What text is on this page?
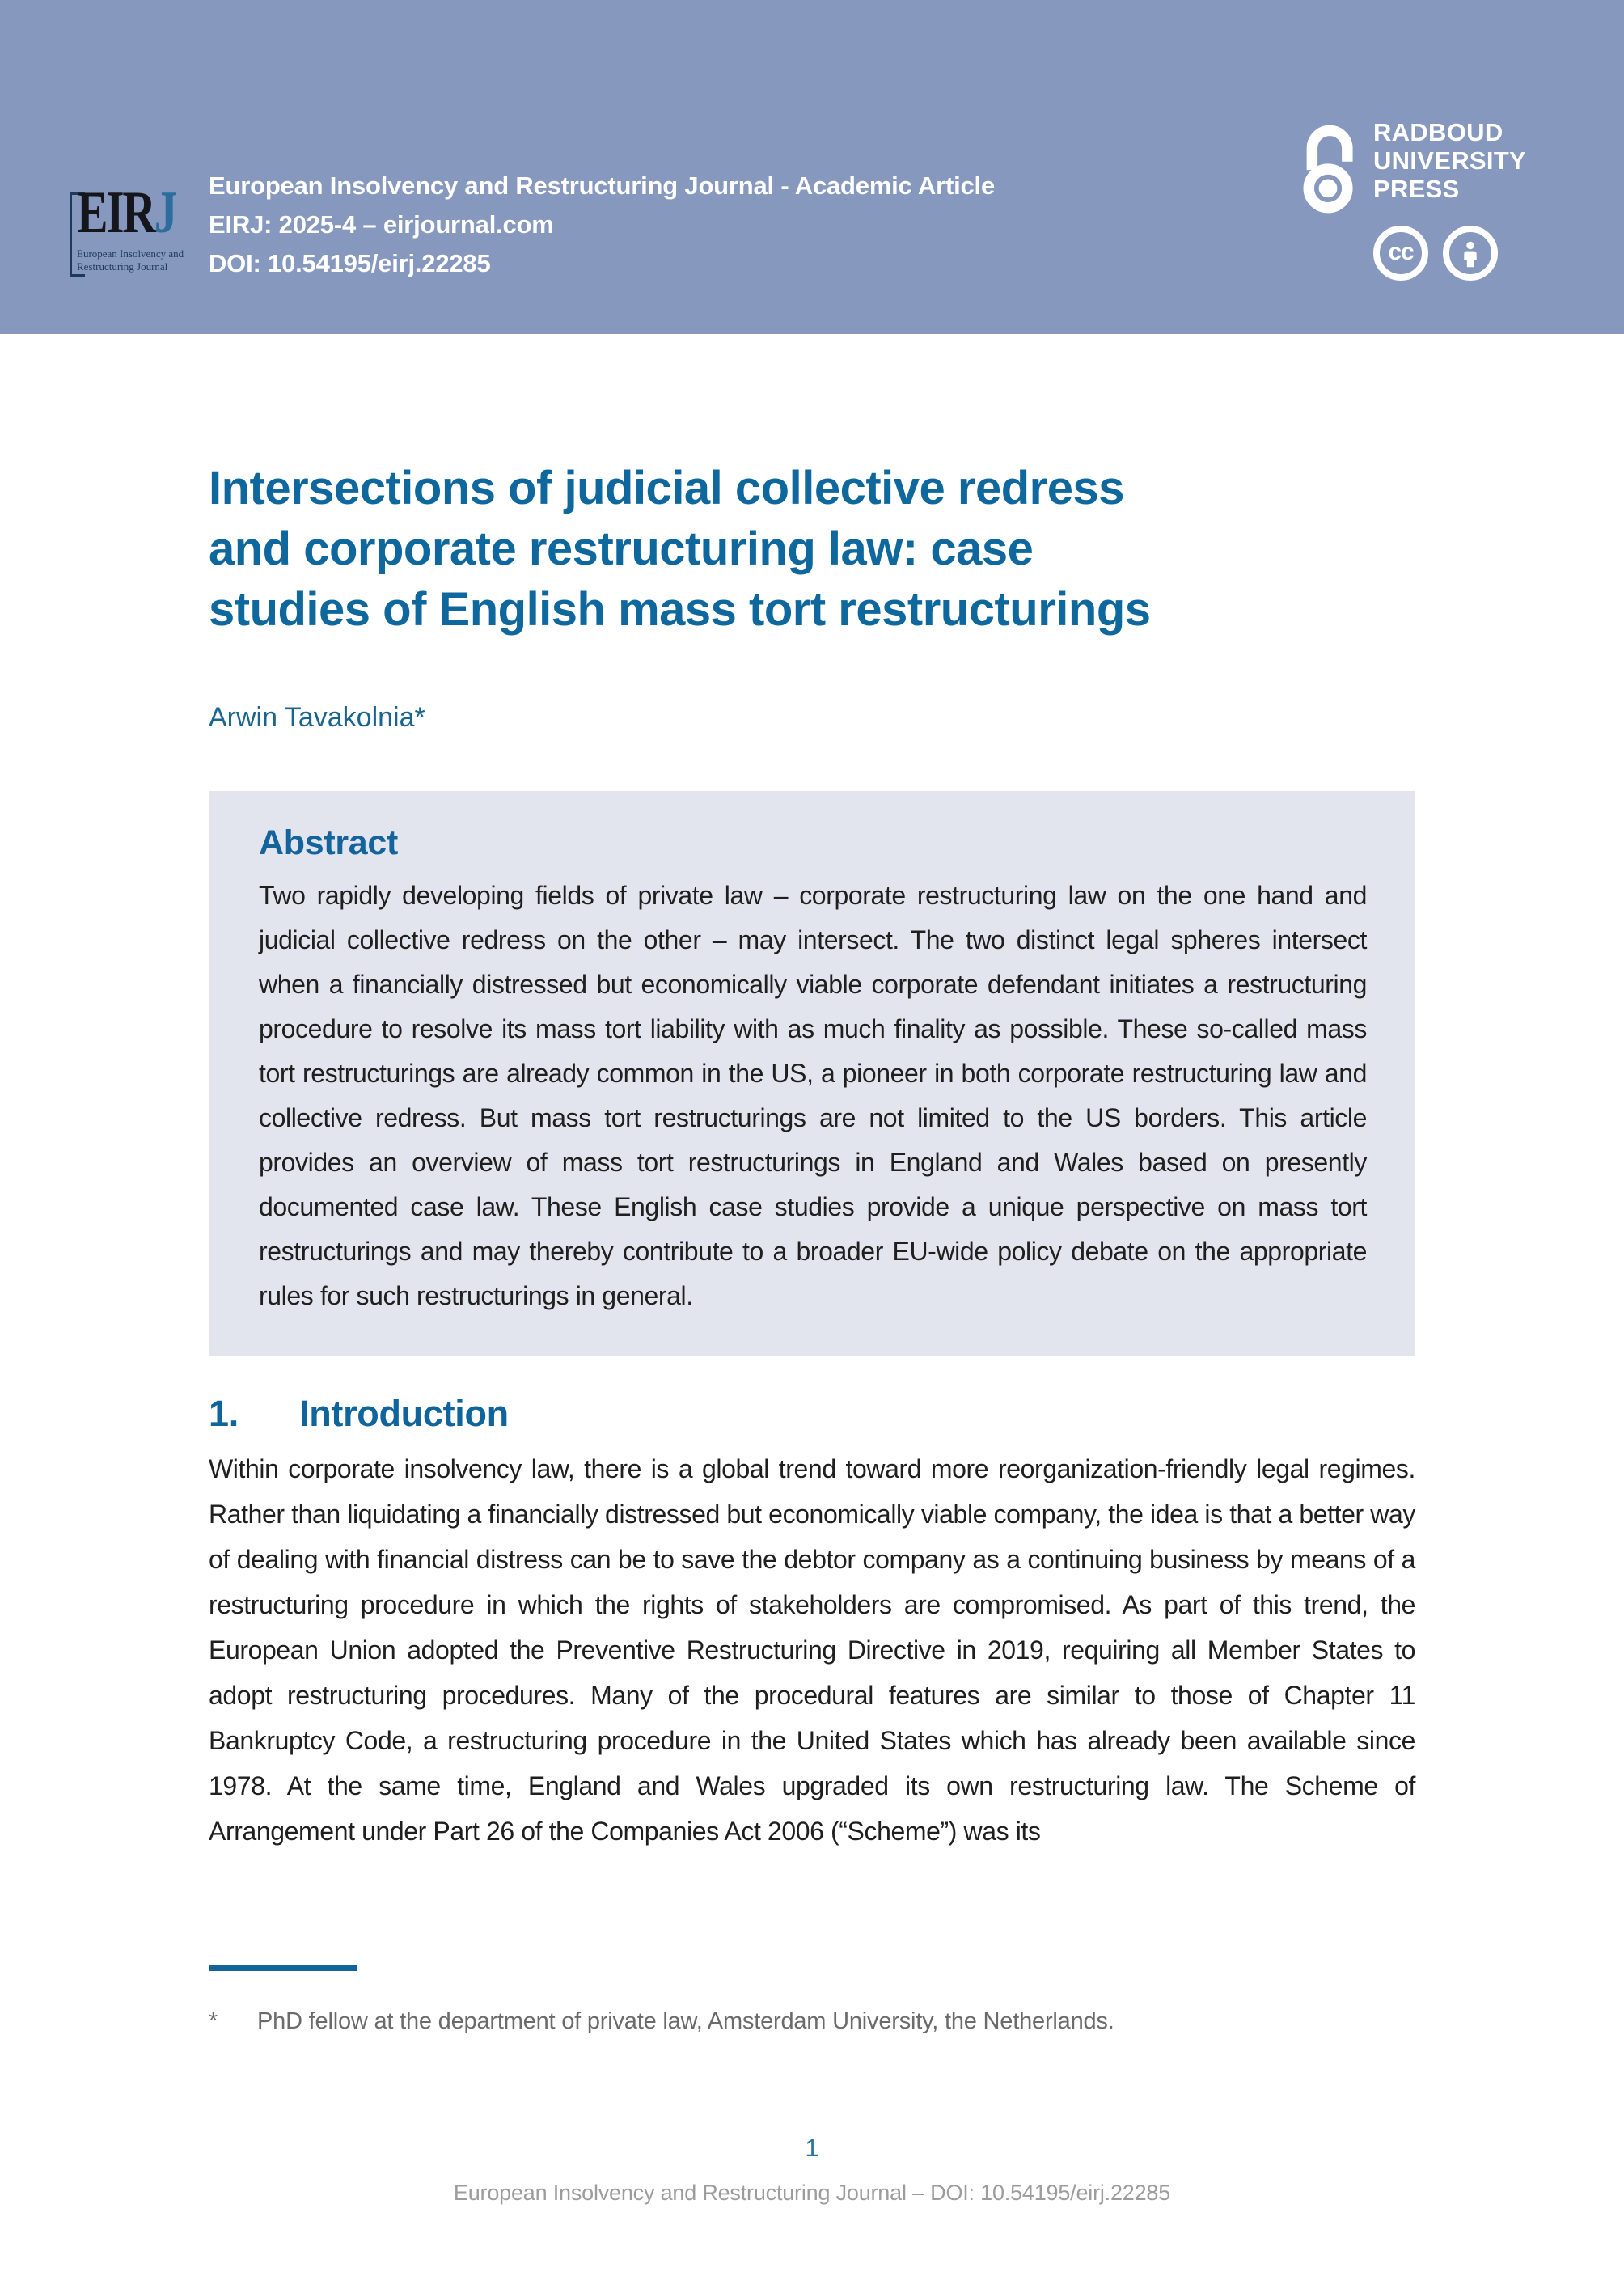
EIRJ
European Insolvency and
Restructuring Journal
European Insolvency and Restructuring Journal - Academic Article
EIRJ: 2025-4 – eirjournal.com
DOI: 10.54195/eirj.22285
RADBOUD
UNIVERSITY
PRESS
cc
Intersections of judicial collective redress
and corporate restructuring law: case
studies of English mass tort restructurings
Arwin Tavakolnia*
Abstract

Two rapidly developing fields of private law – corporate restructuring law on the one hand and judicial collective redress on the other – may intersect. The two distinct legal spheres intersect when a financially distressed but economically viable corporate defendant initiates a restructuring procedure to resolve its mass tort liability with as much finality as possible. These so-called mass tort restructurings are already common in the US, a pioneer in both corporate restructuring law and collective redress. But mass tort restructurings are not limited to the US borders. This article provides an overview of mass tort restructurings in England and Wales based on presently documented case law. These English case studies provide a unique perspective on mass tort restructurings and may thereby contribute to a broader EU-wide policy debate on the appropriate rules for such restructurings in general.

1.	Introduction

Within corporate insolvency law, there is a global trend toward more reorganization-friendly legal regimes. Rather than liquidating a financially distressed but economically viable company, the idea is that a better way of dealing with financial distress can be to save the debtor company as a continuing business by means of a restructuring procedure in which the rights of stakeholders are compromised. As part of this trend, the European Union adopted the Preventive Restructuring Directive in 2019, requiring all Member States to adopt restructuring procedures. Many of the procedural features are similar to those of Chapter 11 Bankruptcy Code, a restructuring procedure in the United States which has already been available since 1978. At the same time, England and Wales upgraded its own restructuring law. The Scheme of Arrangement under Part 26 of the Companies Act 2006 (“Scheme”) was its

*	PhD fellow at the department of private law, Amsterdam University, the Netherlands.
1
European Insolvency and Restructuring Journal – DOI: 10.54195/eirj.22285
